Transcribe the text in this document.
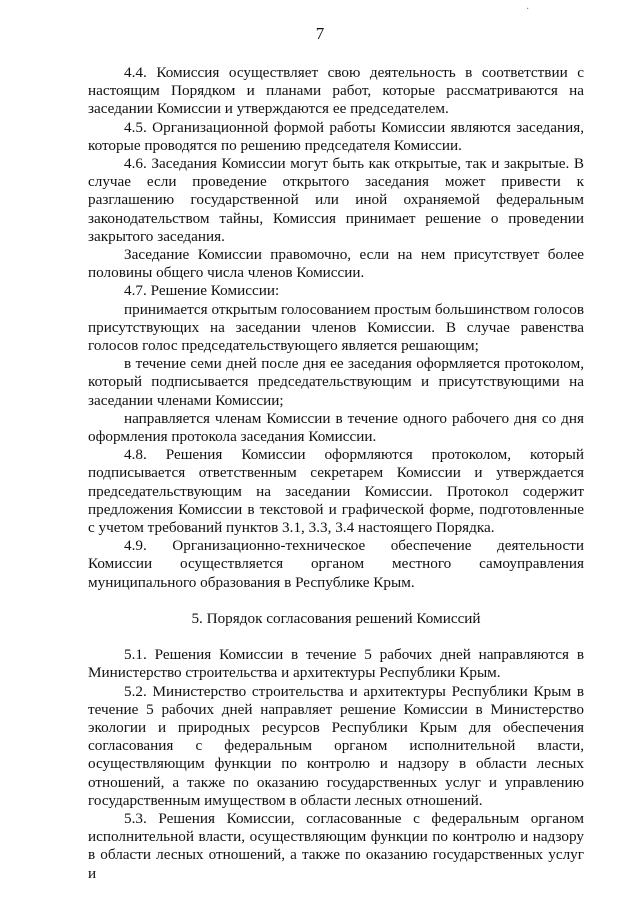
7
·

4.4. Комиссия осуществляет свою деятельность в соответствии с настоящим Порядком и планами работ, которые рассматриваются на заседании Комиссии и утверждаются ее председателем.

4.5. Организационной формой работы Комиссии являются заседания, которые проводятся по решению председателя Комиссии.

4.6. Заседания Комиссии могут быть как открытые, так и закрытые. В случае если проведение открытого заседания может привести к разглашению государственной или иной охраняемой федеральным законодательством тайны, Комиссия принимает решение о проведении закрытого заседания.

Заседание Комиссии правомочно, если на нем присутствует более половины общего числа членов Комиссии.

4.7. Решение Комиссии:

принимается открытым голосованием простым большинством голосов присутствующих на заседании членов Комиссии. В случае равенства голосов голос председательствующего является решающим;

в течение семи дней после дня ее заседания оформляется протоколом, который подписывается председательствующим и присутствующими на заседании членами Комиссии;

направляется членам Комиссии в течение одного рабочего дня со дня оформления протокола заседания Комиссии.

4.8. Решения Комиссии оформляются протоколом, который подписывается ответственным секретарем Комиссии и утверждается председательствующим на заседании Комиссии. Протокол содержит предложения Комиссии в текстовой и графической форме, подготовленные с учетом требований пунктов 3.1, 3.3, 3.4 настоящего Порядка.

4.9. Организационно-техническое обеспечение деятельности Комиссии осуществляется органом местного самоуправления муниципального образования в Республике Крым.

5. Порядок согласования решений Комиссий

5.1. Решения Комиссии в течение 5 рабочих дней направляются в Министерство строительства и архитектуры Республики Крым.

5.2. Министерство строительства и архитектуры Республики Крым в течение 5 рабочих дней направляет решение Комиссии в Министерство экологии и природных ресурсов Республики Крым для обеспечения согласования с федеральным органом исполнительной власти, осуществляющим функции по контролю и надзору в области лесных отношений, а также по оказанию государственных услуг и управлению государственным имуществом в области лесных отношений.

5.3. Решения Комиссии, согласованные с федеральным органом исполнительной власти, осуществляющим функции по контролю и надзору в области лесных отношений, а также по оказанию государственных услуг и
